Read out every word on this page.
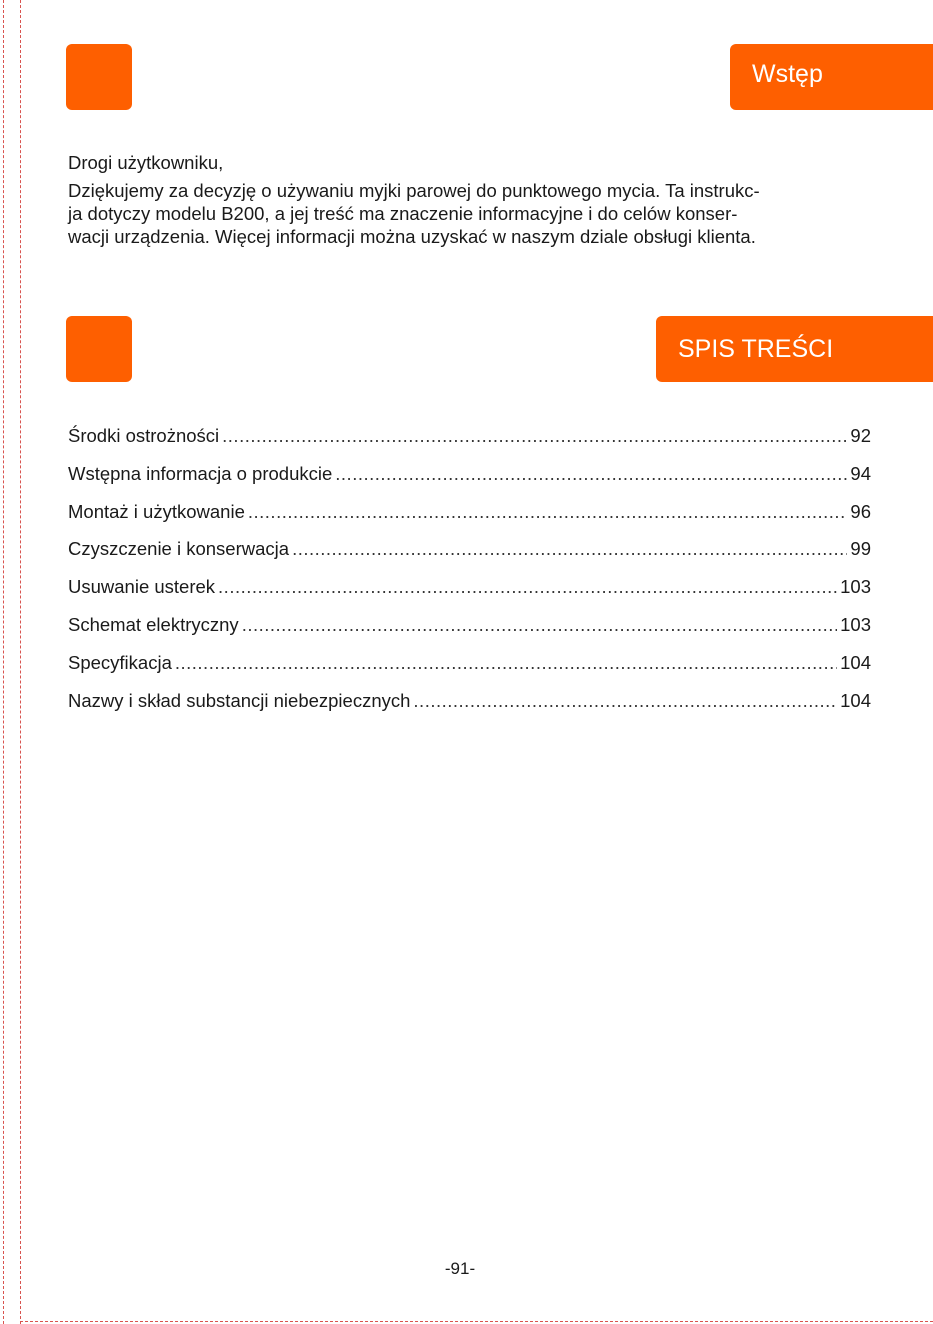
Wstęp

Drogi użytkowniku,

Dziękujemy za decyzję o używaniu myjki parowej do punktowego mycia. Ta instrukc-

ja dotyczy modelu B200, a jej treść ma znaczenie informacyjne i do celów konser-

wacji urządzenia. Więcej informacji można uzyskać w naszym dziale obsługi klienta.

SPIS TREŚCI
Środki ostrożności .....	92
Wstępna informacja o produkcie .....	94
Montaż i użytkowanie .....	96
Czyszczenie i konserwacja .....	99
Usuwanie usterek .....	103
Schemat elektryczny .....	103
Specyfikacja .....	104
Nazwy i skład substancji niebezpiecznych .....	104
-91-
